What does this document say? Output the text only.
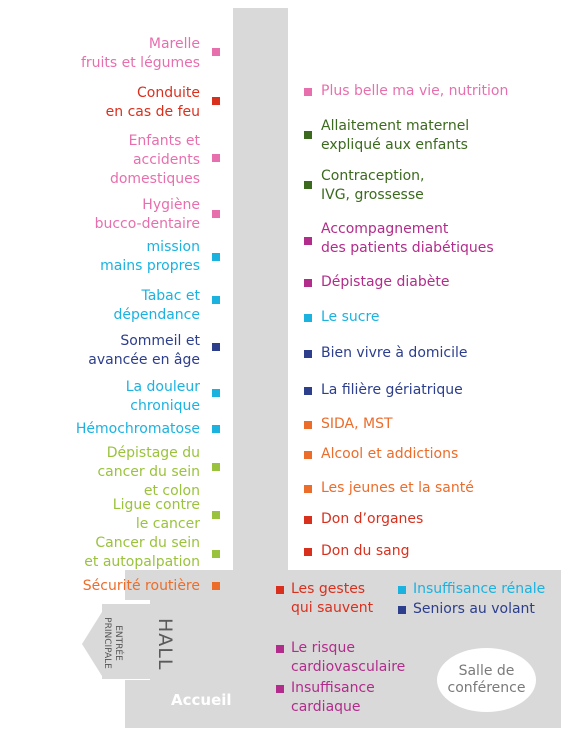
Marelle
fruits et légumes
Conduite
en cas de feu
Enfants et
accidents
domestiques
Hygiène
bucco-dentaire
mission
mains propres
Tabac et
dépendance
Sommeil et
avancée en âge
La douleur
chronique
Hémochromatose
Dépistage du
cancer du sein
et colon
Ligue contre
le cancer
Cancer du sein
et autopalpation
Sécurité routière
Plus belle ma vie, nutrition
Allaitement maternel
expliqué aux enfants
Contraception,
IVG, grossesse
Accompagnement
des patients diabétiques
Dépistage diabète
Le sucre
Bien vivre à domicile
La filière gériatrique
SIDA, MST
Alcool et addictions
Les jeunes et la santé
Don d’organes
Don du sang
Les gestes
qui sauvent
Insuffisance rénale
Seniors au volant
Le risque
cardiovasculaire
Insuffisance
cardiaque
HALL
Accueil
ENTRÉE
PRINCIPALE
Salle de
conférence
